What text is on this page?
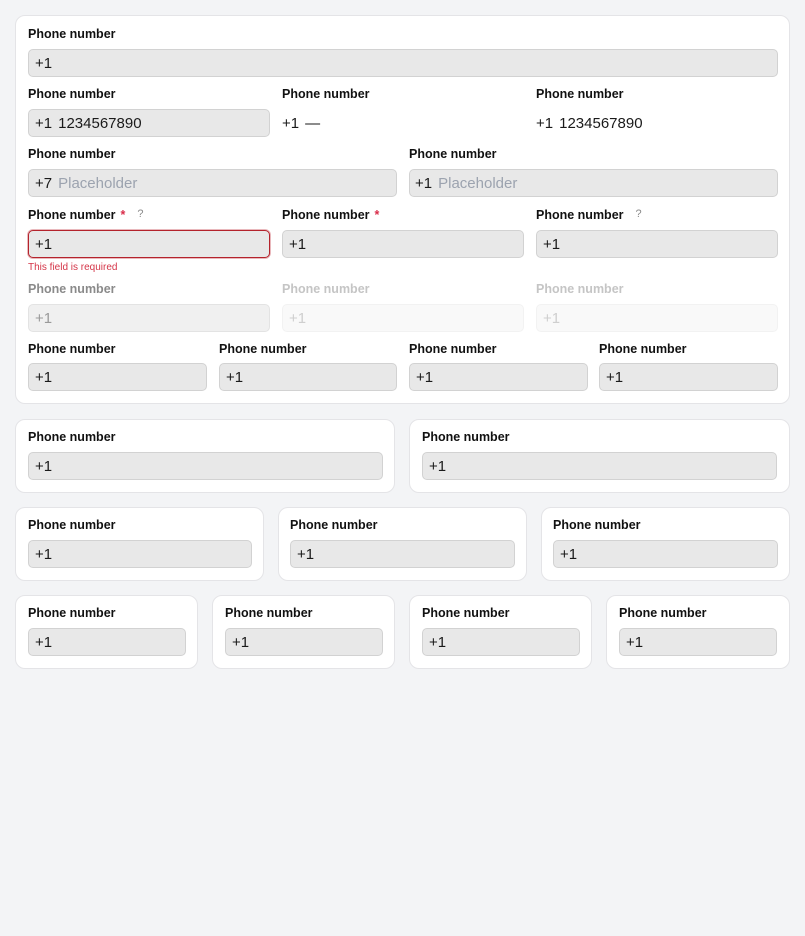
Phone number
+1
Phone number
+1 1234567890
Phone number
+1 —
Phone number
+1 1234567890
Phone number
+7 Placeholder
Phone number
+1 Placeholder
Phone number * ?
+1
This field is required
Phone number *
+1
Phone number ?
+1
Phone number
+1
Phone number
+1
Phone number
+1
Phone number
+1
Phone number
+1
Phone number
+1
Phone number
+1
Phone number
+1
Phone number
+1
Phone number
+1
Phone number
+1
Phone number
+1
Phone number
+1
Phone number
+1
Phone number
+1
Phone number
+1
